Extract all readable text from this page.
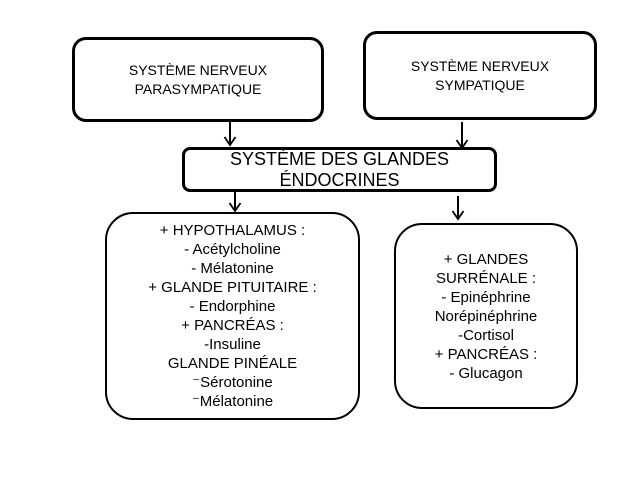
SYSTÈME NERVEUX
PARASYMPATIQUE
SYSTÈME NERVEUX
SYMPATIQUE
SYSTÈME DES GLANDES
ÉNDOCRINES
+ HYPOTHALAMUS :
- Acétylcholine
- Mélatonine
+ GLANDE PITUITAIRE :
- Endorphine
+ PANCRÉAS :
-Insuline
GLANDE PINÉALE
⁻Sérotonine
⁻Mélatonine
+ GLANDES
SURRÉNALE :
- Epinéphrine
Norépinéphrine
-Cortisol
+ PANCRÉAS :
- Glucagon
